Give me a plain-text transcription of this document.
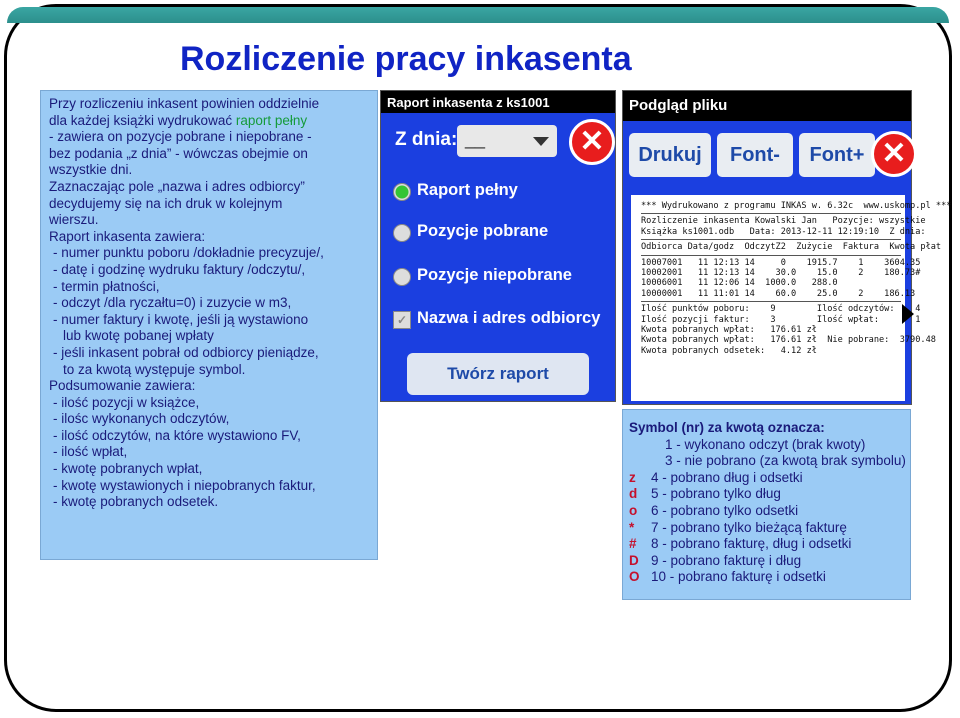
Rozliczenie pracy inkasenta

Przy rozliczeniu inkasent powinien oddzielnie

dla każdej książki wydrukować raport pełny

- zawiera on pozycje pobrane i niepobrane -

bez podania „z dnia” - wówczas obejmie on

wszystkie dni.

Zaznaczając pole „nazwa i adres odbiorcy”

decydujemy się na ich druk w kolejnym

wierszu.

Raport inkasenta zawiera:

- numer punktu poboru /dokładnie precyzuje/,

- datę i godzinę wydruku faktury /odczytu/,

- termin płatności,

- odczyt /dla ryczałtu=0) i zuzycie w m3,

- numer faktury i kwotę, jeśli ją wystawiono

lub kwotę pobanej wpłaty

- jeśli inkasent pobrał od odbiorcy pieniądze,

to za kwotą występuje symbol.

Podsumowanie zawiera:

- ilość pozycji w książce,

- ilośc wykonanych odczytów,

- ilość odczytów, na które wystawiono FV,

- ilość wpłat,

- kwotę pobranych wpłat,

- kwotę wystawionych i niepobranych faktur,

- kwotę pobranych odsetek.

Raport inkasenta z ks1001
Z dnia: __	✕
Raport pełny
Pozycje pobrane
Pozycje niepobrane
✓ Nazwa i adres odbiorcy
Twórz raport
Podgląd pliku
Drukuj	Font-	Font+ ✕
*** Wydrukowano z programu INKAS w. 6.32c  www.uskomp.pl ***
Rozliczenie inkasenta Kowalski Jan   Pozycje: wszystkie
Książka ks1001.odb   Data: 2013-12-11 12:19:10  Z dnia:
Odbiorca Data/godz  OdczytZ2  Zużycie  Faktura  Kwota płat
10007001   11 12:13 14     0    1915.7    1    3604.35
10002001   11 12:13 14    30.0    15.0    2    180.73#
10006001   11 12:06 14  1000.0   288.0
10000001   11 11:01 14    60.0    25.0    2    186.13
Ilość punktów poboru:    9        Ilość odczytów:    4
Ilość pozycji faktur:    3        Ilość wpłat:       1
Kwota pobranych wpłat:   176.61 zł
Kwota pobranych wpłat:   176.61 zł  Nie pobrane:  3790.48
Kwota pobranych odsetek:   4.12 zł
Symbol (nr) za kwotą oznacza:
1 - wykonano odczyt (brak kwoty)
3 - nie pobrano (za kwotą brak symbolu)
z 4 - pobrano dług i odsetki
d 5 - pobrano tylko dług
o 6 - pobrano tylko odsetki
* 7 - pobrano tylko bieżącą fakturę
# 8 - pobrano fakturę, dług i odsetki
D 9 - pobrano fakturę i dług
O 10 - pobrano fakturę i odsetki
